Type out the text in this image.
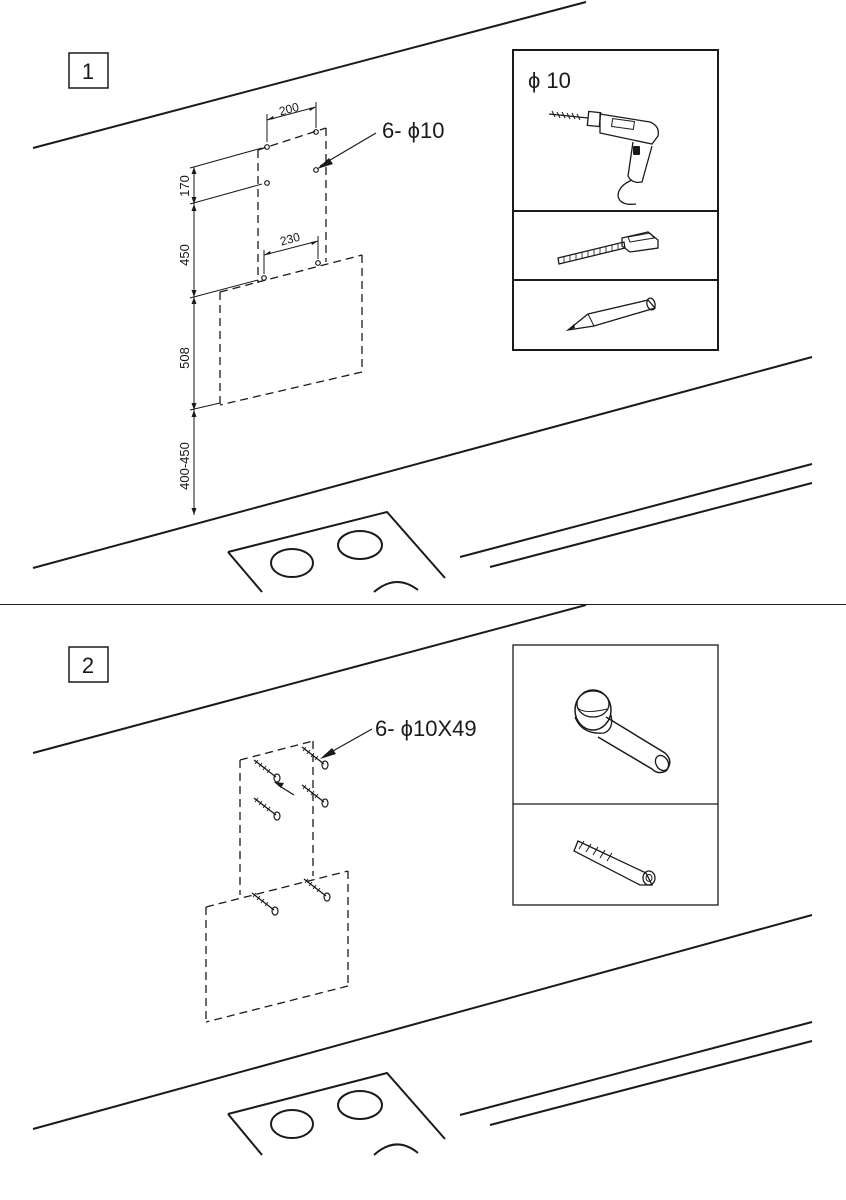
1
200
230
170
450
508
400-450
6- ϕ10
ϕ 10
2
6- ϕ10X49
